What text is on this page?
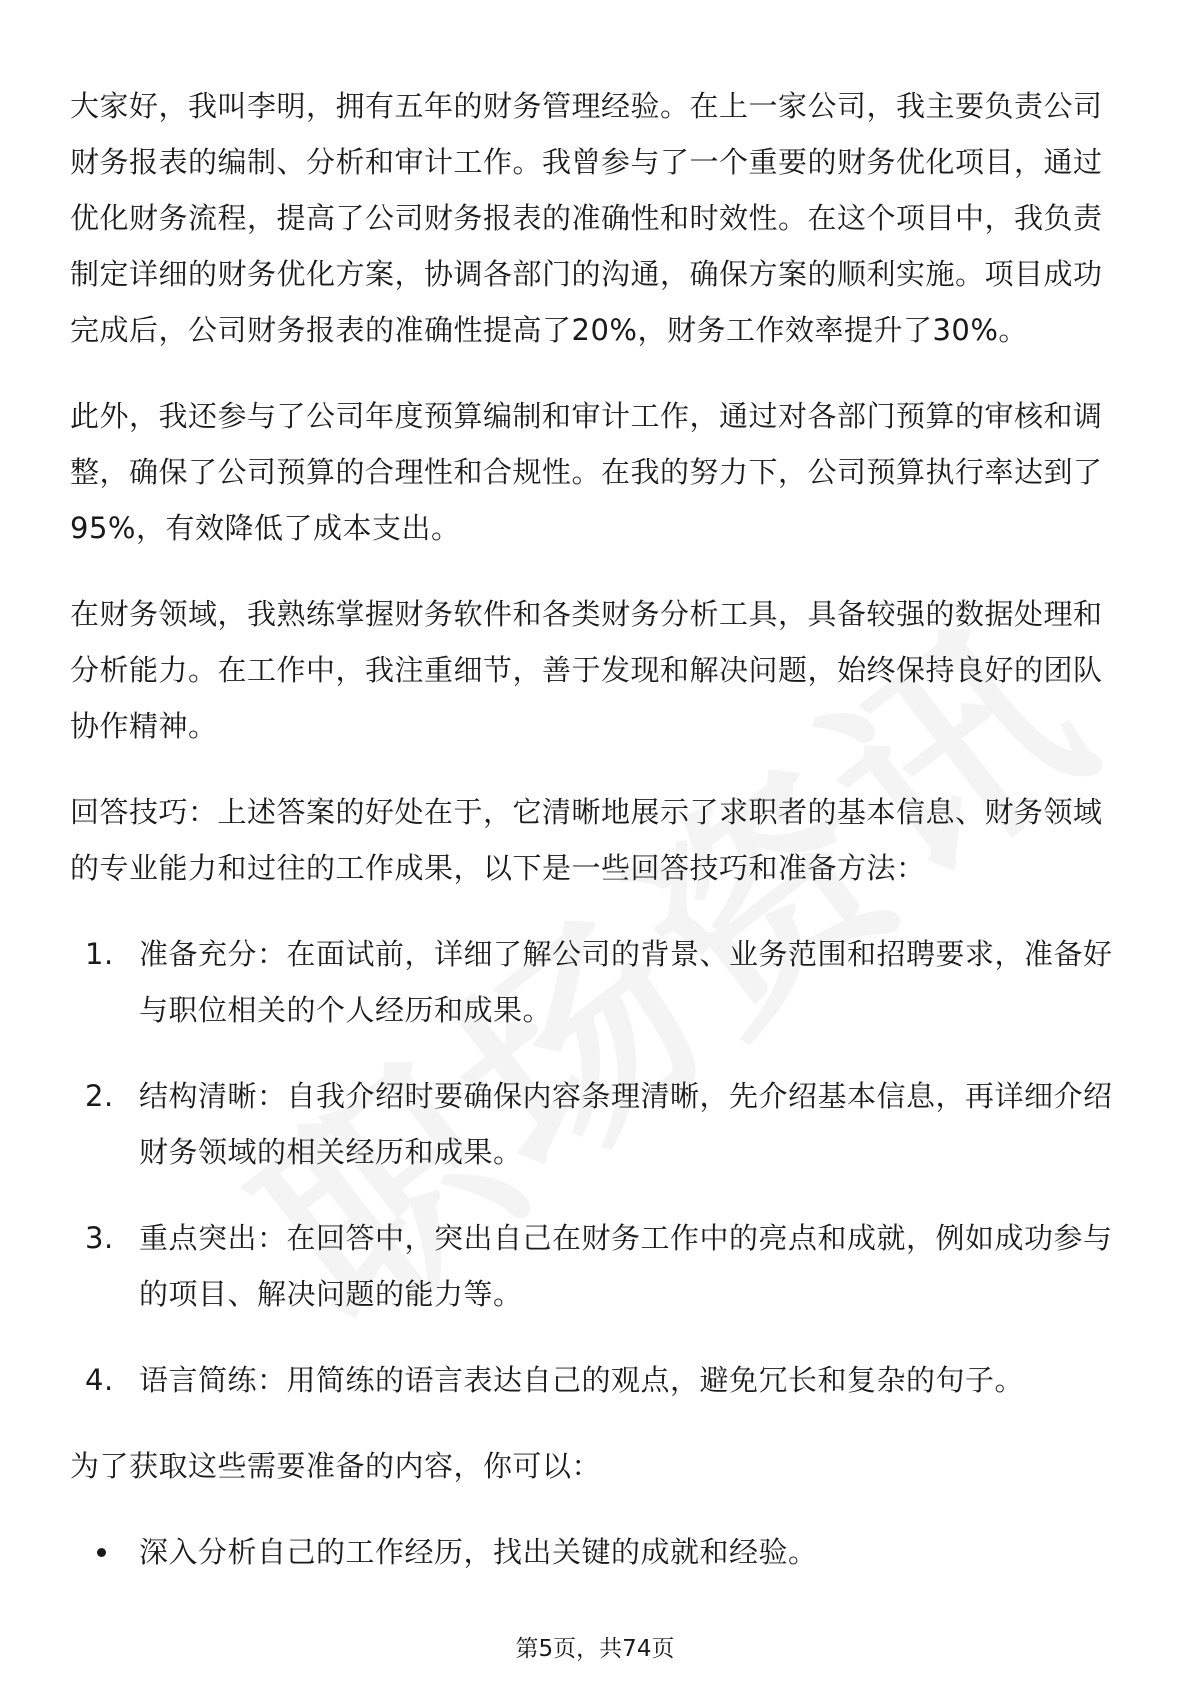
大家好，我叫李明，拥有五年的财务管理经验。在上一家公司，我主要负责公司财务报表的编制、分析和审计工作。我曾参与了一个重要的财务优化项目，通过优化财务流程，提高了公司财务报表的准确性和时效性。在这个项目中，我负责制定详细的财务优化方案，协调各部门的沟通，确保方案的顺利实施。项目成功完成后，公司财务报表的准确性提高了20%，财务工作效率提升了30%。

此外，我还参与了公司年度预算编制和审计工作，通过对各部门预算的审核和调整，确保了公司预算的合理性和合规性。在我的努力下，公司预算执行率达到了95%，有效降低了成本支出。

在财务领域，我熟练掌握财务软件和各类财务分析工具，具备较强的数据处理和分析能力。在工作中，我注重细节，善于发现和解决问题，始终保持良好的团队协作精神。

回答技巧：上述答案的好处在于，它清晰地展示了求职者的基本信息、财务领域的专业能力和过往的工作成果，以下是一些回答技巧和准备方法：

1. 准备充分：在面试前，详细了解公司的背景、业务范围和招聘要求，准备好与职位相关的个人经历和成果。
2. 结构清晰：自我介绍时要确保内容条理清晰，先介绍基本信息，再详细介绍财务领域的相关经历和成果。
3. 重点突出：在回答中，突出自己在财务工作中的亮点和成就，例如成功参与的项目、解决问题的能力等。
4. 语言简练：用简练的语言表达自己的观点，避免冗长和复杂的句子。

为了获取这些需要准备的内容，你可以：

深入分析自己的工作经历，找出关键的成就和经验。
第5页，共74页
